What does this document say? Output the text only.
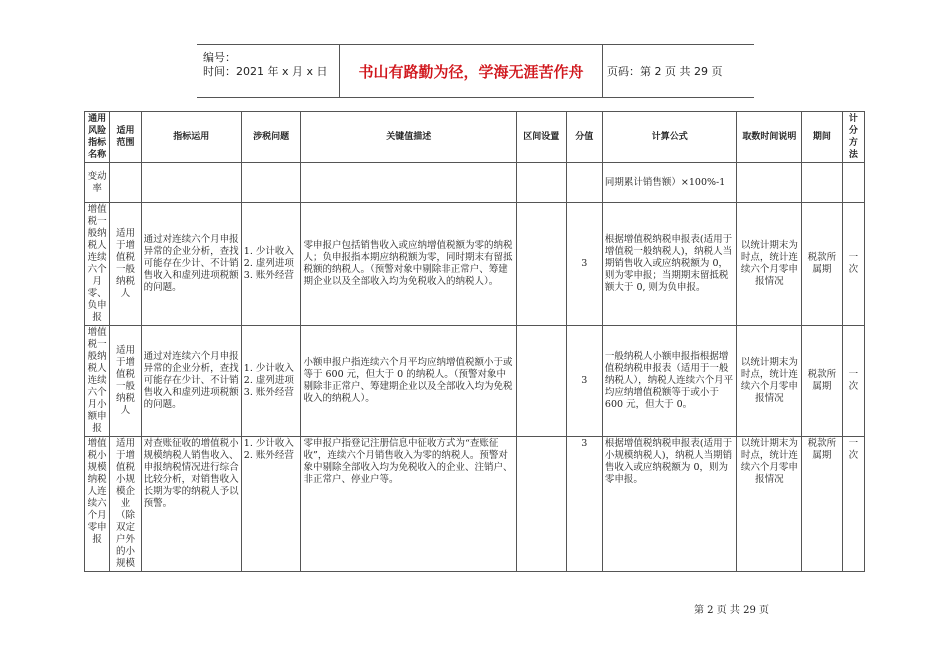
编号：
时间：2021 年 x 月 x 日	书山有路勤为径，学海无涯苦作舟	页码：第 2 页 共 29 页
通用风险指标名称	适用范围	指标运用	涉税问题	关键值描述	区间设置	分值	计算公式	取数时间说明	期间	计分方法
变动率							同期累计销售额）×100%-1			
增值税一般纳税人连续六个月零、负申报	适用于增值税一般纳税人	通过对连续六个月申报异常的企业分析，查找可能存在少计、不计销售收入和虚列进项税额的问题。	1. 少计收入
2. 虚列进项
3. 账外经营	零申报户包括销售收入或应纳增值税额为零的纳税人；负申报指本期应纳税额为零，同时期末有留抵税额的纳税人。（预警对象中剔除非正常户、筹建期企业以及全部收入均为免税收入的纳税人）。		3	根据增值税纳税申报表(适用于增值税一般纳税人)，纳税人当期销售收入或应纳税额为 0，则为零申报；当期期末留抵税额大于 0, 则为负申报。	以统计期末为时点，统计连续六个月零申报情况	税款所属期	一次
增值税一般纳税人连续六个月小额申报	适用于增值税一般纳税人	通过对连续六个月申报异常的企业分析，查找可能存在少计、不计销售收入和虚列进项税额的问题。	1. 少计收入
2. 虚列进项
3. 账外经营	小额申报户指连续六个月平均应纳增值税额小于或等于 600 元，但大于 0 的纳税人。（预警对象中剔除非正常户、筹建期企业以及全部收入均为免税收入的纳税人）。		3	一般纳税人小额申报指根据增值税纳税申报表（适用于一般纳税人），纳税人连续六个月平均应纳增值税额等于或小于 600 元，但大于 0。	以统计期末为时点，统计连续六个月零申报情况	税款所属期	一次
增值税小规模纳税人连续六个月零申报	适用于增值税小规模企业（除双定户外的小规模	对查账征收的增值税小规模纳税人销售收入、申报纳税情况进行综合比较分析，对销售收入长期为零的纳税人予以预警。	1. 少计收入
2. 账外经营	零申报户指登记注册信息中征收方式为“查账征收”，连续六个月销售收入为零的纳税人。预警对象中剔除全部收入均为免税收入的企业、注销户、非正常户、停业户等。		3	根据增值税纳税申报表(适用于小规模纳税人)，纳税人当期销售收入或应纳税额为 0，则为零申报。	以统计期末为时点，统计连续六个月零申报情况	税款所属期	一次
第 2 页 共 29 页
